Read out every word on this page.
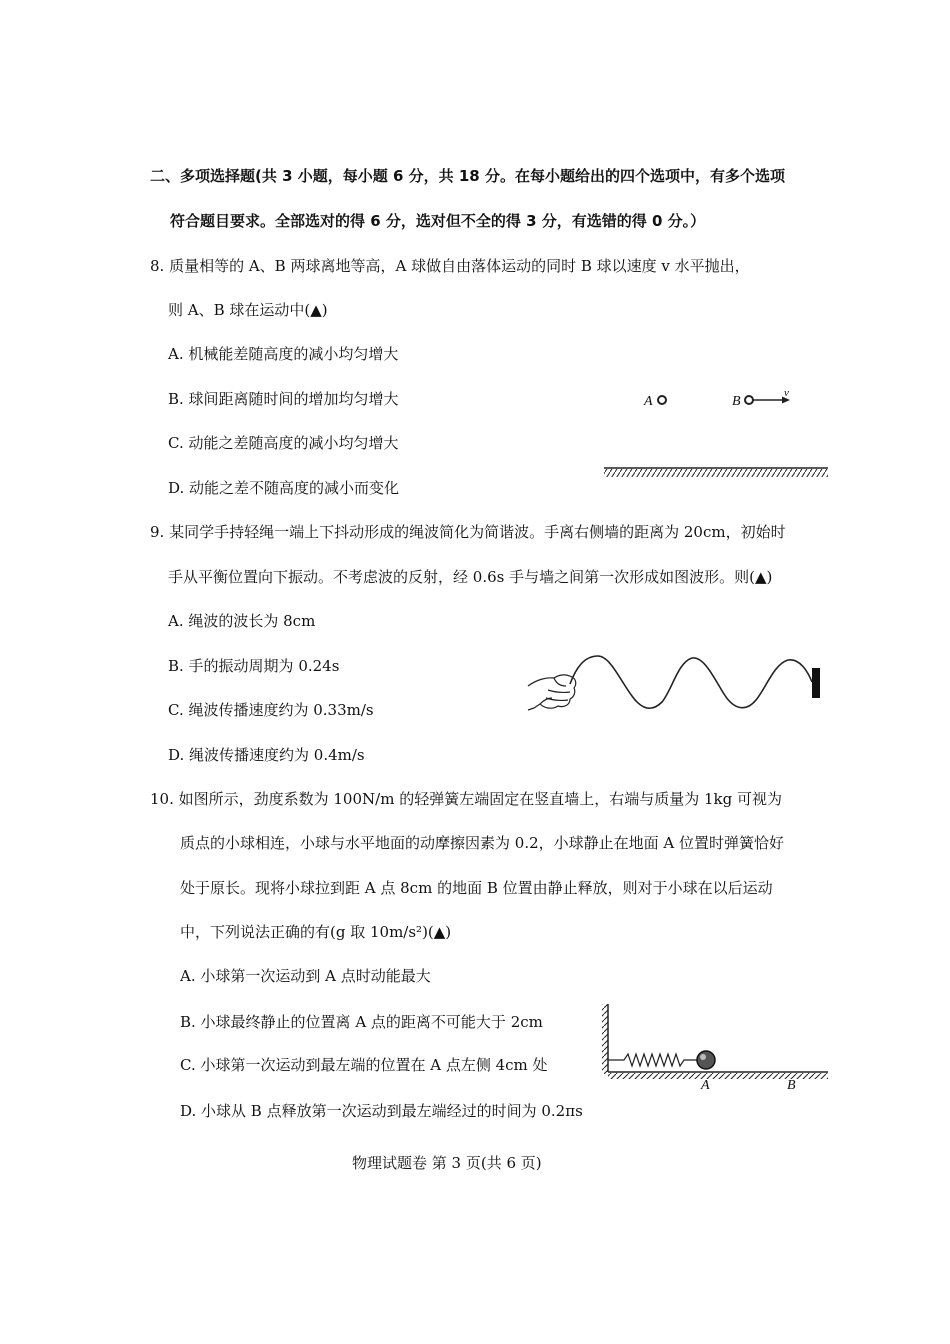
二、多项选择题(共 3 小题，每小题 6 分，共 18 分。在每小题给出的四个选项中，有多个选项
符合题目要求。全部选对的得 6 分，选对但不全的得 3 分，有选错的得 0 分。）
8. 质量相等的 A、B 两球离地等高，A 球做自由落体运动的同时 B 球以速度 v 水平抛出，
则 A、B 球在运动中(▲)
A. 机械能差随高度的减小均匀增大
B. 球间距离随时间的增加均匀增大
C. 动能之差随高度的减小均匀增大
D. 动能之差不随高度的减小而变化
A	B
v
9. 某同学手持轻绳一端上下抖动形成的绳波简化为简谐波。手离右侧墙的距离为 20cm，初始时
手从平衡位置向下振动。不考虑波的反射，经 0.6s 手与墙之间第一次形成如图波形。则(▲)
A. 绳波的波长为 8cm
B. 手的振动周期为 0.24s
C. 绳波传播速度约为 0.33m/s
D. 绳波传播速度约为 0.4m/s
10. 如图所示，劲度系数为 100N/m 的轻弹簧左端固定在竖直墙上，右端与质量为 1kg 可视为
质点的小球相连，小球与水平地面的动摩擦因素为 0.2，小球静止在地面 A 位置时弹簧恰好
处于原长。现将小球拉到距 A 点 8cm 的地面 B 位置由静止释放，则对于小球在以后运动
中，下列说法正确的有(g 取 10m/s²)(▲)
A. 小球第一次运动到 A 点时动能最大
B. 小球最终静止的位置离 A 点的距离不可能大于 2cm
C. 小球第一次运动到最左端的位置在 A 点左侧 4cm 处
D. 小球从 B 点释放第一次运动到最左端经过的时间为 0.2πs
A	B
物理试题卷 第 3 页(共 6 页)
